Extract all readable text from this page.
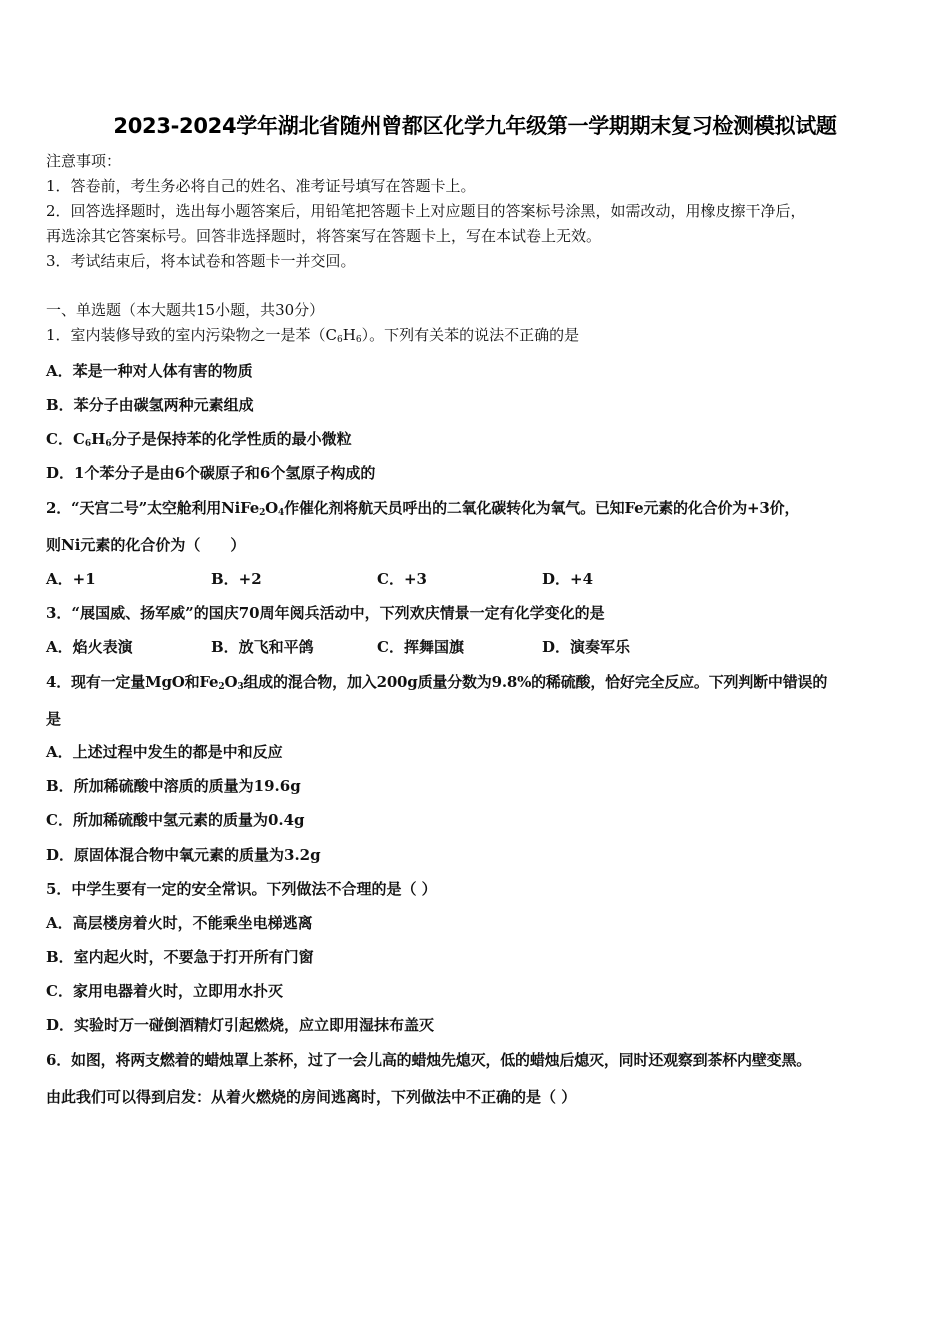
2023-2024学年湖北省随州曾都区化学九年级第一学期期末复习检测模拟试题
注意事项：
1．答卷前，考生务必将自己的姓名、准考证号填写在答题卡上。
2．回答选择题时，选出每小题答案后，用铅笔把答题卡上对应题目的答案标号涂黑，如需改动，用橡皮擦干净后，
再选涂其它答案标号。回答非选择题时，将答案写在答题卡上，写在本试卷上无效。
3．考试结束后，将本试卷和答题卡一并交回。
一、单选题（本大题共15小题，共30分）
1．室内装修导致的室内污染物之一是苯$(C_6H_6)$。下列有关苯的说法不正确的是
A．苯是一种对人体有害的物质
B．苯分子由碳氢两种元素组成
C．$C_6H_6$分子是保持苯的化学性质的最小微粒
D．1个苯分子是由6个碳原子和6个氢原子构成的
2．“天宫二号”太空舱利用$NiFe_2O_4$作催化剂将航天员呼出的二氧化碳转化为氧气。已知Fe元素的化合价为+3价，
则Ni元素的化合价为（　　）
A．+1	B．+2	C．+3	D．+4
3．“展国威、扬军威”的国庆70周年阅兵活动中，下列欢庆情景一定有化学变化的是
A．焰火表演	B．放飞和平鸽	C．挥舞国旗	D．演奏军乐
4．现有一定量MgO和$Fe_2O_3$组成的混合物，加入200g质量分数为9.8%的稀硫酸，恰好完全反应。下列判断中错误的
是
A．上述过程中发生的都是中和反应
B．所加稀硫酸中溶质的质量为19.6g
C．所加稀硫酸中氢元素的质量为0.4g
D．原固体混合物中氧元素的质量为3.2g
5．中学生要有一定的安全常识。下列做法不合理的是（ ）
A．高层楼房着火时，不能乘坐电梯逃离
B．室内起火时，不要急于打开所有门窗
C．家用电器着火时，立即用水扑灭
D．实验时万一碰倒酒精灯引起燃烧，应立即用湿抹布盖灭
6．如图，将两支燃着的蜡烛罩上茶杯，过了一会儿高的蜡烛先熄灭，低的蜡烛后熄灭，同时还观察到茶杯内壁变黑。
由此我们可以得到启发：从着火燃烧的房间逃离时，下列做法中不正确的是（ ）
